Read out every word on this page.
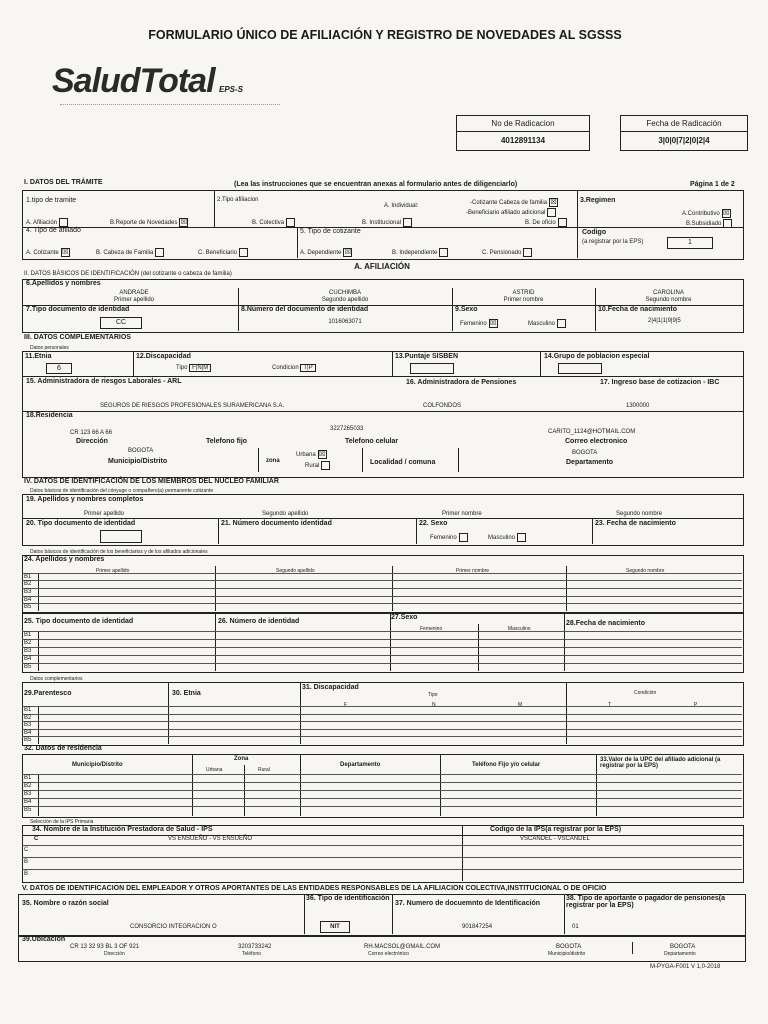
FORMULARIO ÚNICO DE AFILIACIÓN Y REGISTRO DE NOVEDADES AL SGSSS
SaludTotal EPS-S
No de Radicacion
4012891134
Fecha de Radicación
3|0|0|7|2|0|2|4
I. DATOS DEL TRÁMITE	(Lea las instrucciones que se encuentran anexas al formulario antes de diligenciarlo)	Página 1 de 2
1.tipo de tramite
A. Afiliación	B.Reporte de Novedades ☒
2.Tipo afiliacion
A. Individual:	-Cotizante Cabeza de familia ☒
-Beneficiario afiliado adicional
B. Colectiva	B. Institucional	B. De oficio
3.Regimen
A.Contributivo ☒
B.Subsidiado
4. Tipo de afiliado
A. Cotizante ☒	B. Cabeza de Familia	C. Beneficiario
5. Tipo de cotizante
A. Dependiente ☒	B. Independiente	C. Pensionado
Codigo
(a registrar por la EPS)	1
A. AFILIACIÓN
II. DATOS BÁSICOS DE IDENTIFICACIÓN (del cotizante o cabeza de familia)
6.Apellidos y nombres
ANDRADE
Primer apellido
CUCHIMBA
Segundo apellido
ASTRID
Primer nombre
CAROLINA
Segundo nombre
7.Tipo documento de identidad
CC
8.Número del documento de identidad
1016063071
9.Sexo
Femenino ☒	Masculino
10.Fecha de nacimiento
2|4|1|1|9|9|5
III. DATOS COMPLEMENTARIOS
Datos personales
11.Etnia
6
12.Discapacidad
Tipo F|N|M	Condicion T|P
13.Puntaje SISBEN	14.Grupo de poblacion especial
15. Administradora de riesgos Laborales - ARL
SEGUROS DE RIESGOS PROFESIONALES SURAMERICANA S.A.
16. Administradora de Pensiones
COLFONDOS
17. Ingreso base de cotizacion - IBC
1300000
18.Residencia
CR 123 66 A 66
Dirección	Telefono fijo
3227265033
Telefono celular
CARITO_1124@HOTMAIL.COM
Correo electronico
BOGOTA
Municipio/Distrito	zona
Urbana ☒
Rural
Localidad / comuna
BOGOTA
Departamento
IV. DATOS DE IDENTIFICACIÓN DE LOS MIEMBROS DEL NUCLEO FAMILIAR
Datos básicos de identificación del cónyuge o compañero(a) permanente cotizante
19. Apellidos y nombres completos
Primer apellido	Segundo apellido	Primer nombre	Segundo nombre
20. Tipo documento de identidad	21. Número documento identidad	22. Sexo
Femenino	Masculino
23. Fecha de nacimiento
Datos básicos de identificación de los beneficiarios y de los afiliados adicionales
24. Apellidos y nombres
Primer apellido	Segundo apellido	Primer nombre	Segundo nombre
B1
B2
B3
B4
B5
25. Tipo documento de identidad	26. Número de identidad
27.Sexo
Femenino	Masculino
28.Fecha de nacimiento
B1
B2
B3
B4
B5
Datos complementarios
29.Parentesco	30. Etnia
31. Discapacidad
Tipo	Condición
F	N	M	T	P
B1
B2
B3
B4
B5
32. Datos de residencia
Municipio/Distrito
Zona
Urbana	Rural
Departamento	Teléfono Fijo y/o celular
33.Valor de la UPC del afiliado adicional (a registrar por la EPS)
B1
B2
B3
B4
B5
Selección de la IPS Primaria
34. Nombre de la Institución Prestadora de Salud - IPS	Codigo de la IPS(a registrar por la EPS)
C	VS ENSUEÑO - VS ENSUEÑO	VSCANDEL - VSCANDEL
C
B
B
V. DATOS DE IDENTIFICACION DEL EMPLEADOR Y OTROS APORTANTES DE LAS ENTIDADES RESPONSABLES DE LA AFILIACION COLECTIVA,INSTITUCIONAL O DE OFICIO
35. Nombre o razón social
CONSORCIO INTEGRACION O
36. Tipo de identificación
NIT
37. Numero de docuemnto de Identificación
901847254
38. Tipo de aportante o pagador de pensiones(a registrar por la EPS)
01
39.Ubicación
CR 13 32 93 BL 3 OF 921
Dirección
3203733242
Teléfono
RH.MACSOL@GMAIL.COM
Correo electrónico
BOGOTA
Municipio/distrito
BOGOTA
Departamento
M-PYGA-F001 V 1,0-2018
